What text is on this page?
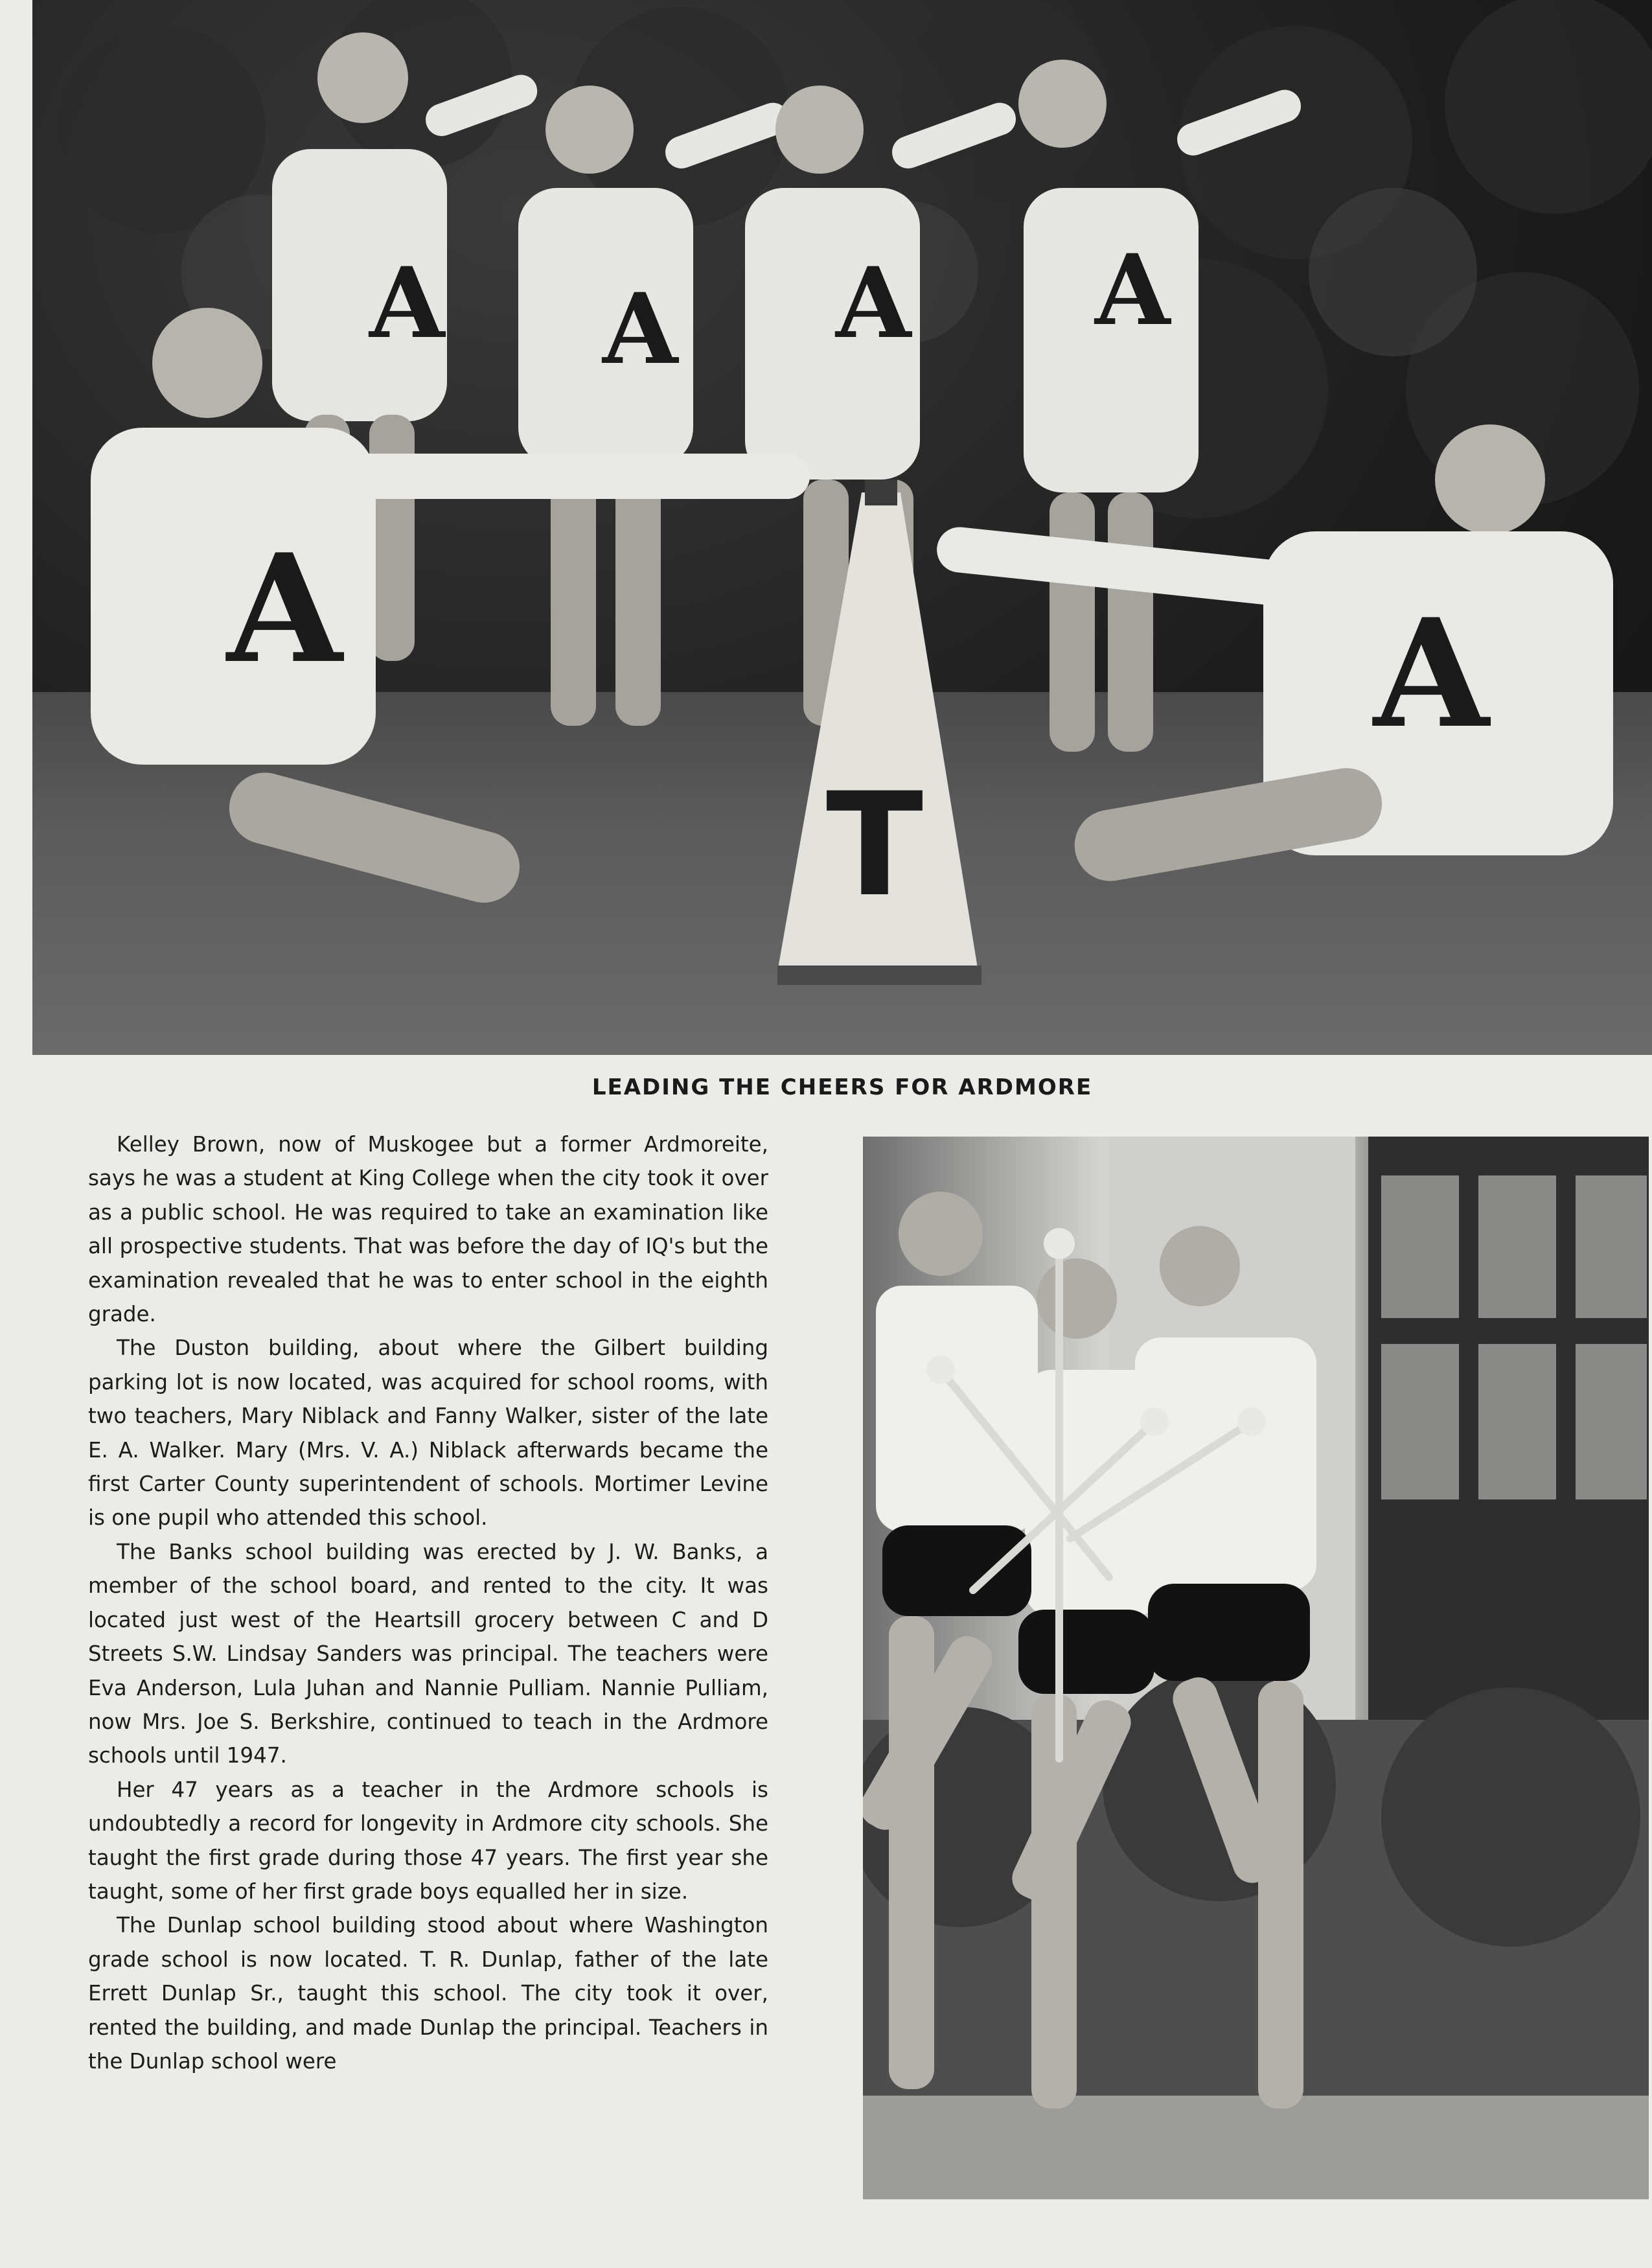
A	A
A A A A
T
LEADING THE CHEERS FOR ARDMORE

Kelley Brown, now of Muskogee but a former Ardmoreite, says he was a student at King College when the city took it over as a public school. He was required to take an examination like all prospective students. That was before the day of IQ's but the examination revealed that he was to enter school in the eighth grade.

The Duston building, about where the Gilbert building parking lot is now located, was acquired for school rooms, with two teachers, Mary Niblack and Fanny Walker, sister of the late E. A. Walker. Mary (Mrs. V. A.) Niblack afterwards became the first Carter County superintendent of schools. Mortimer Levine is one pupil who attended this school.

The Banks school building was erected by J. W. Banks, a member of the school board, and rented to the city. It was located just west of the Heartsill grocery between C and D Streets S.W. Lindsay Sanders was principal. The teachers were Eva Anderson, Lula Juhan and Nannie Pulliam. Nannie Pulliam, now Mrs. Joe S. Berkshire, continued to teach in the Ardmore schools until 1947.

Her 47 years as a teacher in the Ardmore schools is undoubtedly a record for longevity in Ardmore city schools. She taught the first grade during those 47 years. The first year she taught, some of her first grade boys equalled her in size.

The Dunlap school building stood about where Washington grade school is now located. T. R. Dunlap, father of the late Errett Dunlap Sr., taught this school. The city took it over, rented the building, and made Dunlap the principal. Teachers in the Dunlap school were
